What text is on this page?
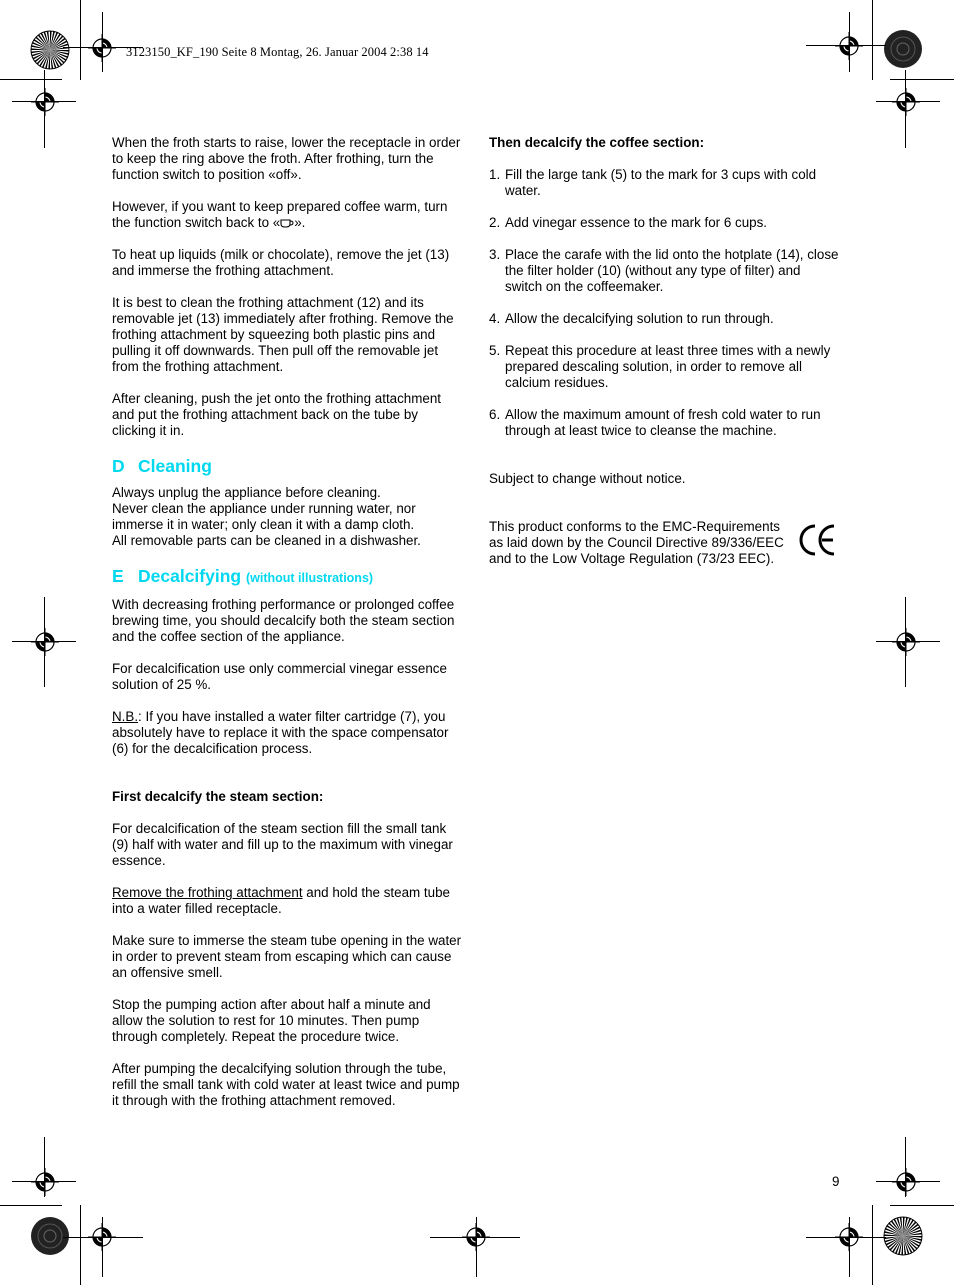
3123150_KF_190 Seite 8 Montag, 26. Januar 2004 2:38 14

When the froth starts to raise, lower the receptacle in order to keep the ring above the froth. After frothing, turn the function switch to position «off».

However, if you want to keep prepared coffee warm, turn the function switch back to « ».

To heat up liquids (milk or chocolate), remove the jet (13) and immerse the frothing attachment.

It is best to clean the frothing attachment (12) and its removable jet (13) immediately after frothing. Remove the frothing attachment by squeezing both plastic pins and pulling it off downwards. Then pull off the removable jet from the frothing attachment.

After cleaning, push the jet onto the frothing attachment and put the frothing attachment back on the tube by clicking it in.

D Cleaning

Always unplug the appliance before cleaning.
Never clean the appliance under running water, nor immerse it in water; only clean it with a damp cloth.
All removable parts can be cleaned in a dishwasher.

E Decalcifying (without illustrations)

With decreasing frothing performance or prolonged coffee brewing time, you should decalcify both the steam section and the coffee section of the appliance.

For decalcification use only commercial vinegar essence solution of 25 %.

N.B.: If you have installed a water filter cartridge (7), you absolutely have to replace it with the space compensator (6) for the decalcification process.

First decalcify the steam section:

For decalcification of the steam section fill the small tank (9) half with water and fill up to the maximum with vinegar essence.

Remove the frothing attachment and hold the steam tube into a water filled receptacle.

Make sure to immerse the steam tube opening in the water in order to prevent steam from escaping which can cause an offensive smell.

Stop the pumping action after about half a minute and allow the solution to rest for 10 minutes. Then pump through completely. Repeat the procedure twice.

After pumping the decalcifying solution through the tube, refill the small tank with cold water at least twice and pump it through with the frothing attachment removed.

Then decalcify the coffee section:

1. Fill the large tank (5) to the mark for 3 cups with cold water.
2. Add vinegar essence to the mark for 6 cups.
3. Place the carafe with the lid onto the hotplate (14), close the filter holder (10) (without any type of filter) and switch on the coffeemaker.
4. Allow the decalcifying solution to run through.
5. Repeat this procedure at least three times with a newly prepared descaling solution, in order to remove all calcium residues.
6. Allow the maximum amount of fresh cold water to run through at least twice to cleanse the machine.

Subject to change without notice.

This product conforms to the EMC-Requirements as laid down by the Council Directive 89/336/EEC and to the Low Voltage Regulation (73/23 EEC).

9
